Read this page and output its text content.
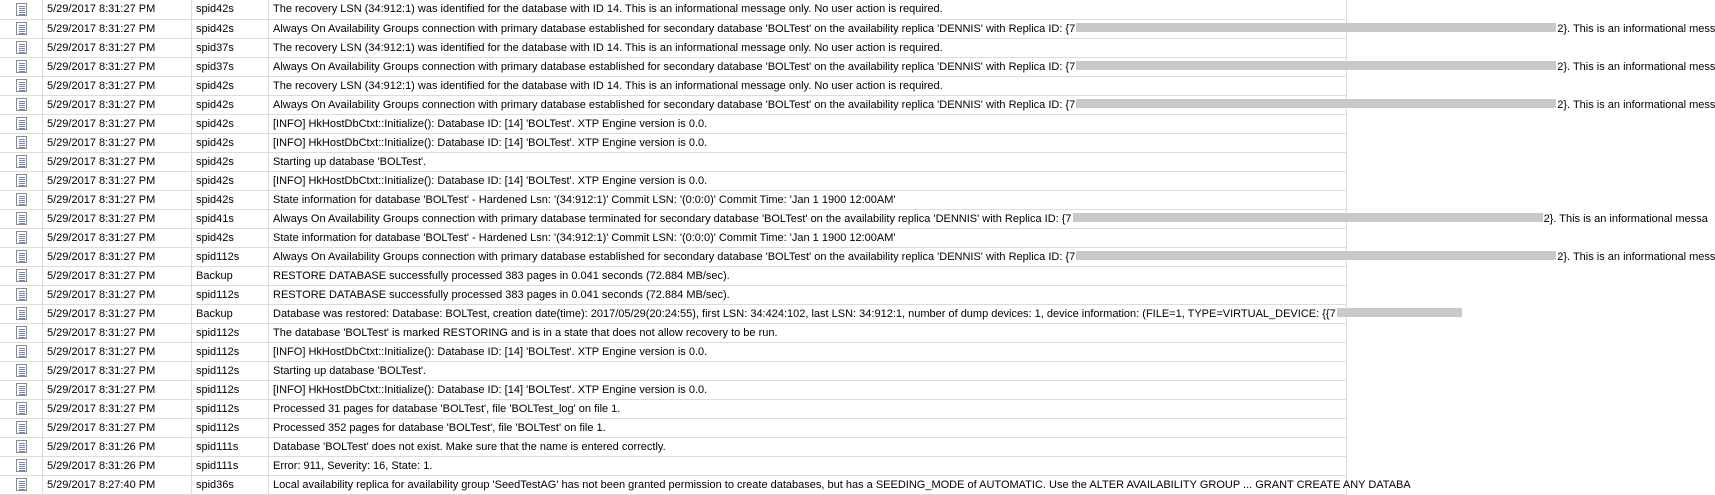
	5/29/2017 8:31:27 PM	spid42s	The recovery LSN (34:912:1) was identified for the database with ID 14. This is an informational message only. No user action is required.
	5/29/2017 8:31:27 PM	spid42s	Always On Availability Groups connection with primary database established for secondary database 'BOLTest' on the availability replica 'DENNIS' with Replica ID: {7 2}. This is an informational mess
	5/29/2017 8:31:27 PM	spid37s	The recovery LSN (34:912:1) was identified for the database with ID 14. This is an informational message only. No user action is required.
	5/29/2017 8:31:27 PM	spid37s	Always On Availability Groups connection with primary database established for secondary database 'BOLTest' on the availability replica 'DENNIS' with Replica ID: {7 2}. This is an informational mess
	5/29/2017 8:31:27 PM	spid42s	The recovery LSN (34:912:1) was identified for the database with ID 14. This is an informational message only. No user action is required.
	5/29/2017 8:31:27 PM	spid42s	Always On Availability Groups connection with primary database established for secondary database 'BOLTest' on the availability replica 'DENNIS' with Replica ID: {7 2}. This is an informational mess
	5/29/2017 8:31:27 PM	spid42s	[INFO] HkHostDbCtxt::Initialize(): Database ID: [14] 'BOLTest'. XTP Engine version is 0.0.
	5/29/2017 8:31:27 PM	spid42s	[INFO] HkHostDbCtxt::Initialize(): Database ID: [14] 'BOLTest'. XTP Engine version is 0.0.
	5/29/2017 8:31:27 PM	spid42s	Starting up database 'BOLTest'.
	5/29/2017 8:31:27 PM	spid42s	[INFO] HkHostDbCtxt::Initialize(): Database ID: [14] 'BOLTest'. XTP Engine version is 0.0.
	5/29/2017 8:31:27 PM	spid42s	State information for database 'BOLTest' - Hardened Lsn: '(34:912:1)' Commit LSN: '(0:0:0)' Commit Time: 'Jan 1 1900 12:00AM'
	5/29/2017 8:31:27 PM	spid41s	Always On Availability Groups connection with primary database terminated for secondary database 'BOLTest' on the availability replica 'DENNIS' with Replica ID: {7 2}. This is an informational messa
	5/29/2017 8:31:27 PM	spid42s	State information for database 'BOLTest' - Hardened Lsn: '(34:912:1)' Commit LSN: '(0:0:0)' Commit Time: 'Jan 1 1900 12:00AM'
	5/29/2017 8:31:27 PM	spid112s	Always On Availability Groups connection with primary database established for secondary database 'BOLTest' on the availability replica 'DENNIS' with Replica ID: {7 2}. This is an informational mess
	5/29/2017 8:31:27 PM	Backup	RESTORE DATABASE successfully processed 383 pages in 0.041 seconds (72.884 MB/sec).
	5/29/2017 8:31:27 PM	spid112s	RESTORE DATABASE successfully processed 383 pages in 0.041 seconds (72.884 MB/sec).
	5/29/2017 8:31:27 PM	Backup	Database was restored: Database: BOLTest, creation date(time): 2017/05/29(20:24:55), first LSN: 34:424:102, last LSN: 34:912:1, number of dump devices: 1, device information: (FILE=1, TYPE=VIRTUAL_DEVICE: {{7
	5/29/2017 8:31:27 PM	spid112s	The database 'BOLTest' is marked RESTORING and is in a state that does not allow recovery to be run.
	5/29/2017 8:31:27 PM	spid112s	[INFO] HkHostDbCtxt::Initialize(): Database ID: [14] 'BOLTest'. XTP Engine version is 0.0.
	5/29/2017 8:31:27 PM	spid112s	Starting up database 'BOLTest'.
	5/29/2017 8:31:27 PM	spid112s	[INFO] HkHostDbCtxt::Initialize(): Database ID: [14] 'BOLTest'. XTP Engine version is 0.0.
	5/29/2017 8:31:27 PM	spid112s	Processed 31 pages for database 'BOLTest', file 'BOLTest_log' on file 1.
	5/29/2017 8:31:27 PM	spid112s	Processed 352 pages for database 'BOLTest', file 'BOLTest' on file 1.
	5/29/2017 8:31:26 PM	spid111s	Database 'BOLTest' does not exist. Make sure that the name is entered correctly.
	5/29/2017 8:31:26 PM	spid111s	Error: 911, Severity: 16, State: 1.
	5/29/2017 8:27:40 PM	spid36s	Local availability replica for availability group 'SeedTestAG' has not been granted permission to create databases, but has a SEEDING_MODE of AUTOMATIC. Use the ALTER AVAILABILITY GROUP ... GRANT CREATE ANY DATABA
